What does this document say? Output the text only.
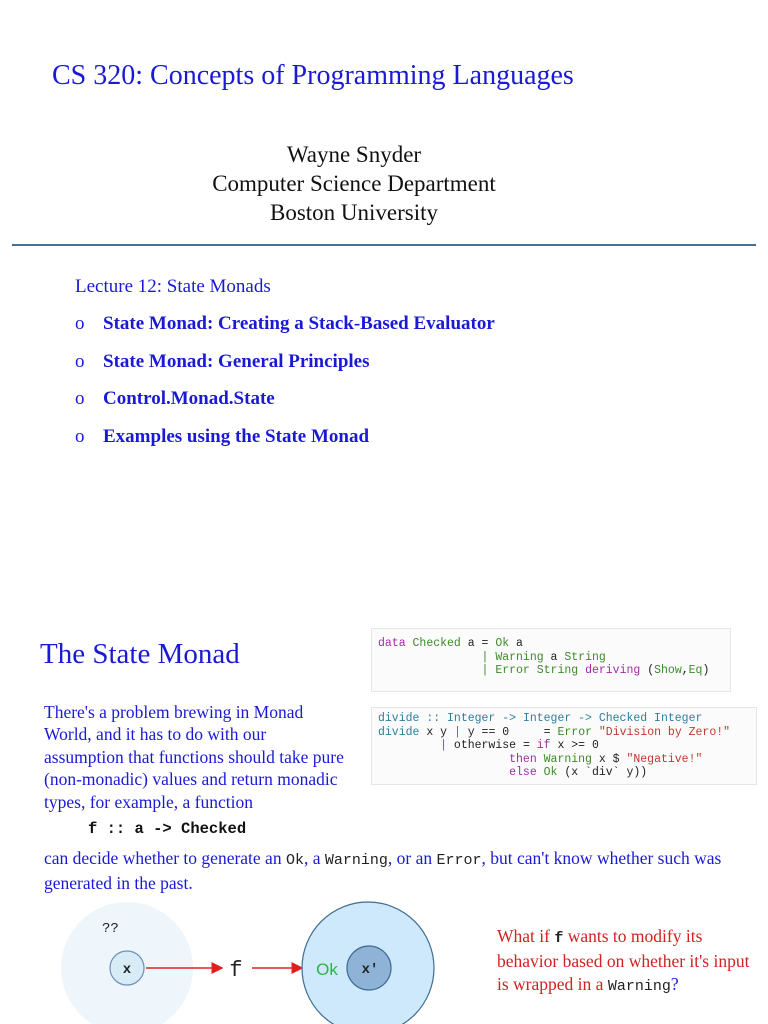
CS 320: Concepts of Programming Languages
Wayne Snyder
Computer Science Department
Boston University
Lecture 12: State Monads
o State Monad: Creating a Stack-Based Evaluator
o State Monad: General Principles
o Control.Monad.State
o Examples using the State Monad
The State Monad
There's a problem brewing in Monad World, and it has to do with our assumption that functions should take pure (non-monadic) values and return monadic types, for example, a function
f :: a -> Checked
can decide whether to generate an Ok, a Warning, or an Error, but can't know whether such was generated in the past.
data Checked a = Ok a
| Warning a String
| Error String deriving (Show,Eq)
divide :: Integer -> Integer -> Checked Integer
divide x y | y == 0     = Error "Division by Zero!"
| otherwise = if x >= 0
then Warning x $ "Negative!"
else Ok (x `div` y))
What if f wants to modify its behavior based on whether it's input is wrapped in a Warning?
??
x	f	Ok x'
